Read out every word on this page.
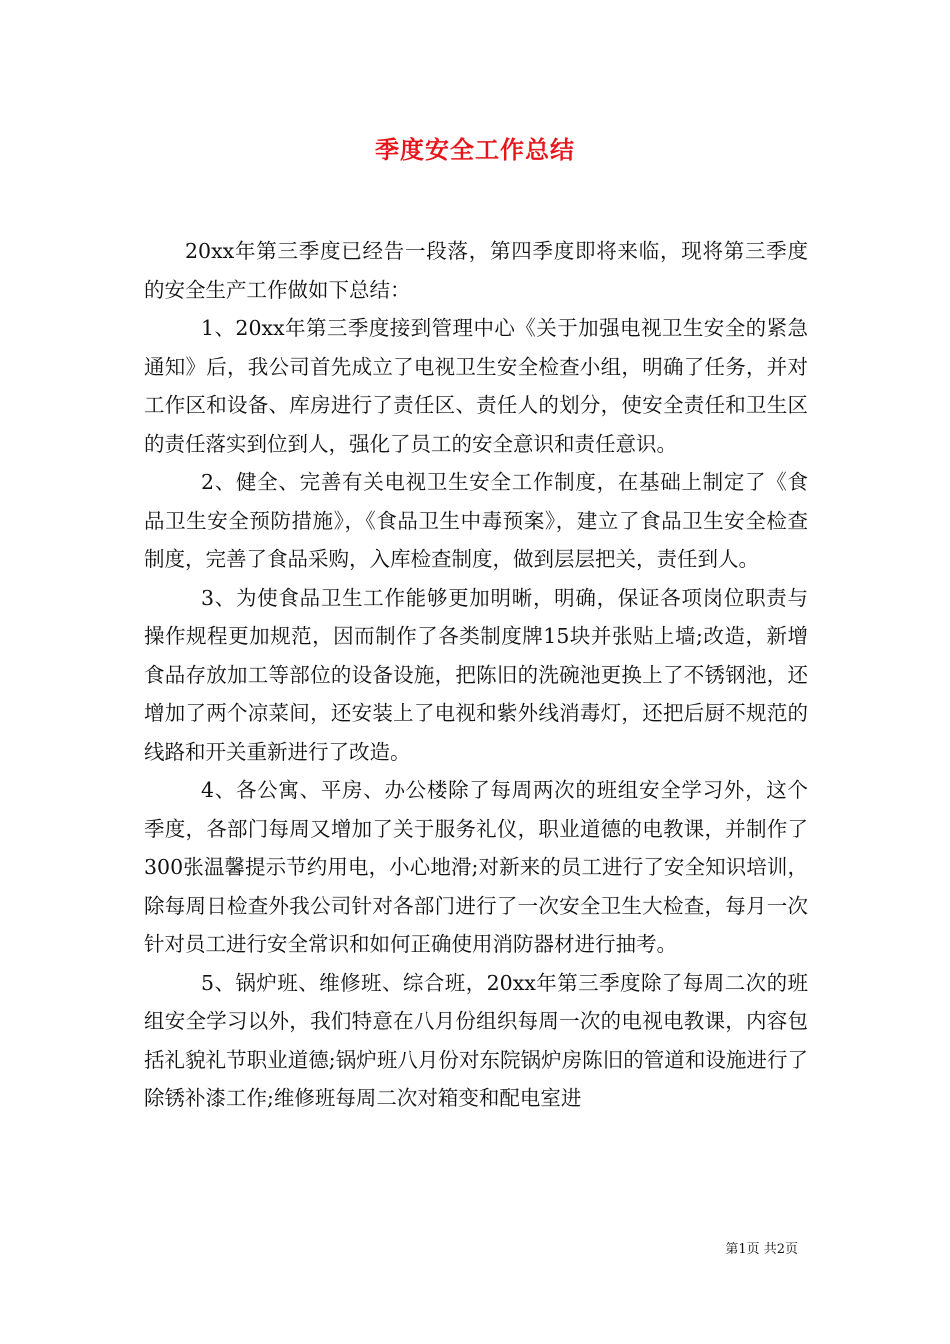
季度安全工作总结

20xx年第三季度已经告一段落，第四季度即将来临，现将第三季度的安全生产工作做如下总结：

1、20xx年第三季度接到管理中心《关于加强电视卫生安全的紧急通知》后，我公司首先成立了电视卫生安全检查小组，明确了任务，并对工作区和设备、库房进行了责任区、责任人的划分，使安全责任和卫生区的责任落实到位到人，强化了员工的安全意识和责任意识。

2、健全、完善有关电视卫生安全工作制度，在基础上制定了《食品卫生安全预防措施》，《食品卫生中毒预案》，建立了食品卫生安全检查制度，完善了食品采购，入库检查制度，做到层层把关，责任到人。

3、为使食品卫生工作能够更加明晰，明确，保证各项岗位职责与操作规程更加规范，因而制作了各类制度牌15块并张贴上墙;改造，新增食品存放加工等部位的设备设施，把陈旧的洗碗池更换上了不锈钢池，还增加了两个凉菜间，还安装上了电视和紫外线消毒灯，还把后厨不规范的线路和开关重新进行了改造。

4、各公寓、平房、办公楼除了每周两次的班组安全学习外，这个季度，各部门每周又增加了关于服务礼仪，职业道德的电教课，并制作了300张温馨提示节约用电，小心地滑;对新来的员工进行了安全知识培训，除每周日检查外我公司针对各部门进行了一次安全卫生大检查，每月一次针对员工进行安全常识和如何正确使用消防器材进行抽考。

5、锅炉班、维修班、综合班，20xx年第三季度除了每周二次的班组安全学习以外，我们特意在八月份组织每周一次的电视电教课，内容包括礼貌礼节职业道德;锅炉班八月份对东院锅炉房陈旧的管道和设施进行了除锈补漆工作;维修班每周二次对箱变和配电室进

第1页 共2页
